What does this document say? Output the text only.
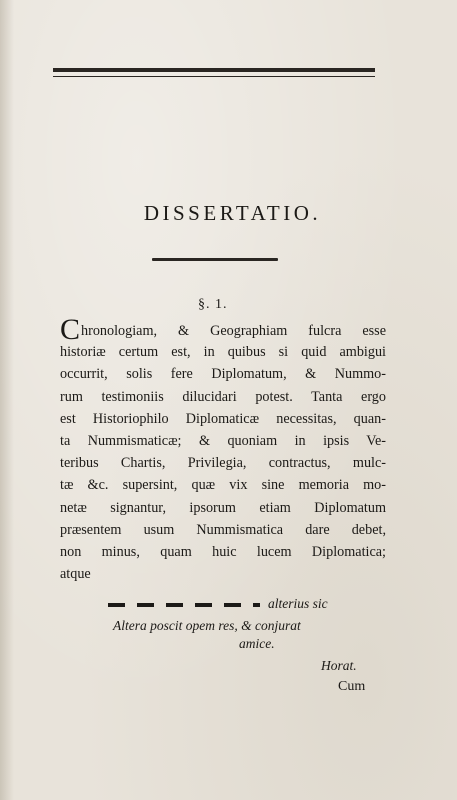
DISSERTATIO.
§. 1.
Chronologiam, & Geographiam fulcra esse
historiæ certum est, in quibus si quid ambigui
occurrit, solis fere Diplomatum, & Nummo-
rum testimoniis dilucidari potest. Tanta ergo
est Historiophilo Diplomaticæ necessitas, quan-
ta Nummismaticæ; & quoniam in ipsis Ve-
teribus Chartis, Privilegia, contractus, mulc-
tæ &c. supersint, quæ vix sine memoria mo-
netæ signantur, ipsorum etiam Diplomatum
præsentem usum Nummismatica dare debet,
non minus, quam huic lucem Diplomatica;
atque
alterius sic
Altera poscit opem res, & conjurat
amice.
Horat.
Cum
